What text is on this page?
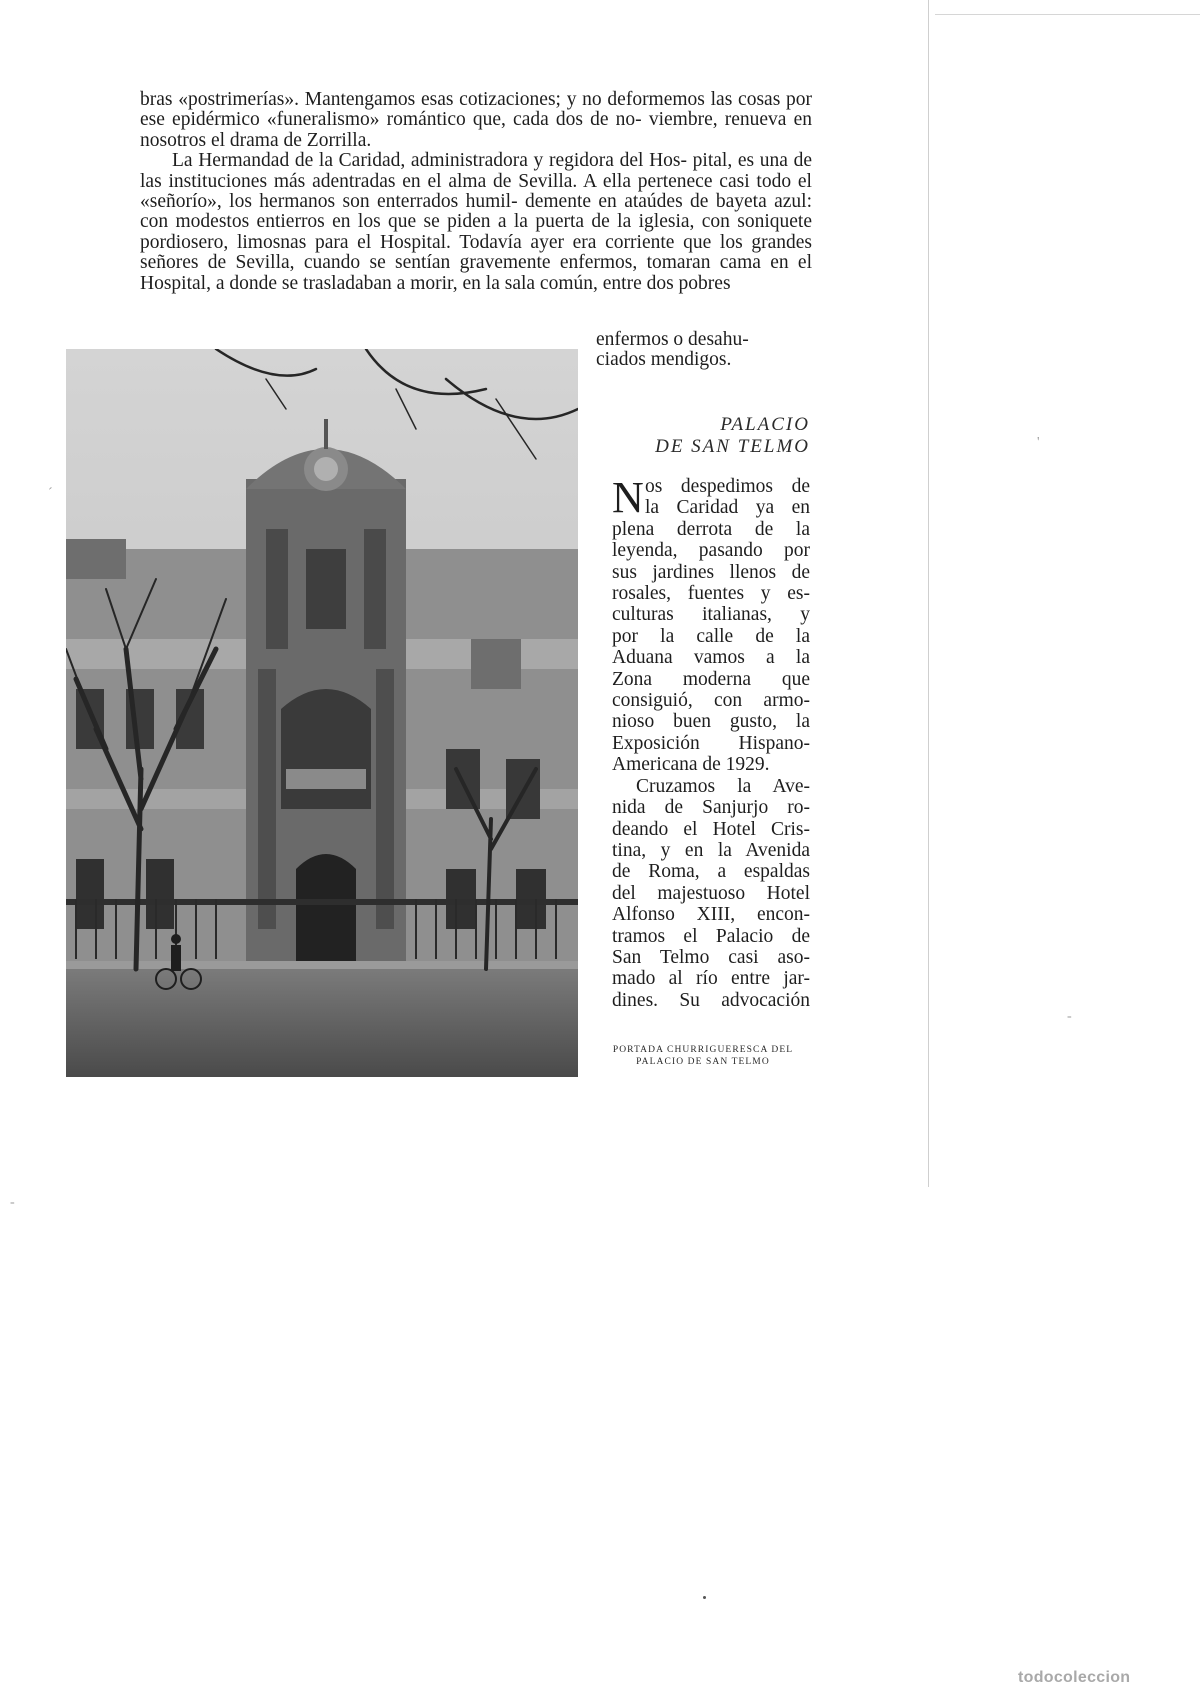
ˊ
-
'
-

bras «postrimerías». Mantengamos esas cotizaciones; y no deformemos las cosas por ese epidérmico «funeralismo» romántico que, cada dos de no- viembre, renueva en nosotros el drama de Zorrilla.

La Hermandad de la Caridad, administradora y regidora del Hos- pital, es una de las instituciones más adentradas en el alma de Sevilla. A ella pertenece casi todo el «señorío», los hermanos son enterrados humil- demente en ataúdes de bayeta azul: con modestos entierros en los que se piden a la puerta de la iglesia, con soniquete pordiosero, limosnas para el Hospital. Todavía ayer era corriente que los grandes señores de Sevilla, cuando se sentían gravemente enfermos, tomaran cama en el Hospital, a donde se trasladaban a morir, en la sala común, entre dos pobres

enfermos o desahu-
ciados mendigos.
PALACIO
DE SAN TELMO
N os despedimos de
la Caridad ya en
plena derrota de la
leyenda, pasando por
sus jardines llenos de
rosales, fuentes y es-
culturas italianas, y
por la calle de la
Aduana vamos a la
Zona moderna que
consiguió, con armo-
nioso buen gusto, la
Exposición Hispano-
Americana de 1929.
Cruzamos la Ave-
nida de Sanjurjo ro-
deando el Hotel Cris-
tina, y en la Avenida
de Roma, a espaldas
del majestuoso Hotel
Alfonso XIII, encon-
tramos el Palacio de
San Telmo casi aso-
mado al río entre jar-
dines. Su advocación
PORTADA CHURRIGUERESCA DEL
PALACIO DE SAN TELMO
todocoleccion
